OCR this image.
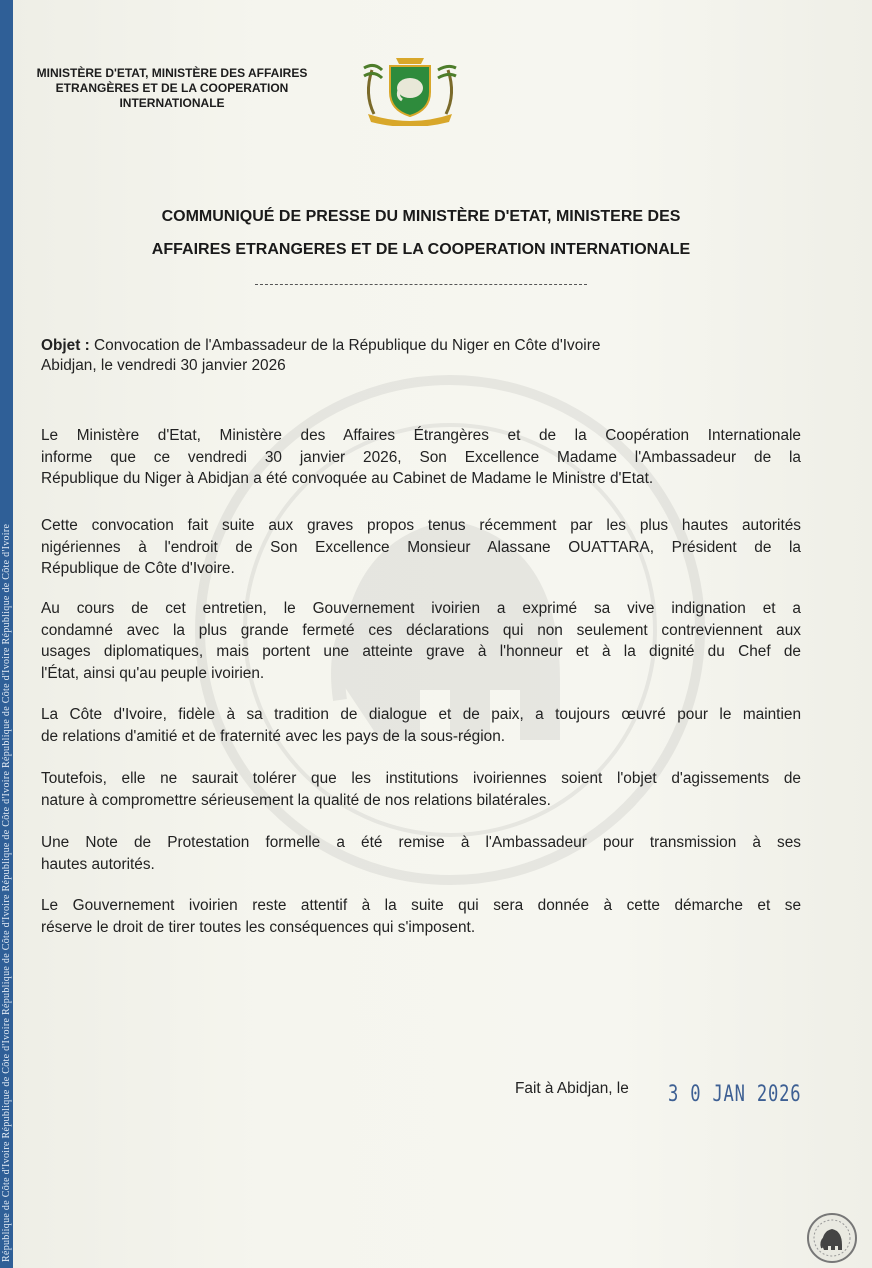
République de Côte d'Ivoire République de Côte d'Ivoire République de Côte d'Ivoire République de Côte d'Ivoire République de Côte d'Ivoire République de Côte d'Ivoire
MINISTÈRE D'ETAT, MINISTÈRE DES AFFAIRES
ETRANGÈRES ET DE LA COOPERATION
INTERNATIONALE
COMMUNIQUÉ DE PRESSE DU MINISTÈRE D'ETAT, MINISTERE DES
AFFAIRES ETRANGERES ET DE LA COOPERATION INTERNATIONALE
Objet : Convocation de l'Ambassadeur de la République du Niger en Côte d'Ivoire
Abidjan, le vendredi 30 janvier 2026
Le Ministère d'Etat, Ministère des Affaires Étrangères et de la Coopération Internationale
informe que ce vendredi 30 janvier 2026, Son Excellence Madame l'Ambassadeur de la
République du Niger à Abidjan a été convoquée au Cabinet de Madame le Ministre d'Etat.
Cette convocation fait suite aux graves propos tenus récemment par les plus hautes autorités
nigériennes à l'endroit de Son Excellence Monsieur Alassane OUATTARA, Président de la
République de Côte d'Ivoire.
Au cours de cet entretien, le Gouvernement ivoirien a exprimé sa vive indignation et a
condamné avec la plus grande fermeté ces déclarations qui non seulement contreviennent aux
usages diplomatiques, mais portent une atteinte grave à l'honneur et à la dignité du Chef de
l'État, ainsi qu'au peuple ivoirien.
La Côte d'Ivoire, fidèle à sa tradition de dialogue et de paix, a toujours œuvré pour le maintien
de relations d'amitié et de fraternité avec les pays de la sous-région.
Toutefois, elle ne saurait tolérer que les institutions ivoiriennes soient l'objet d'agissements de
nature à compromettre sérieusement la qualité de nos relations bilatérales.
Une Note de Protestation formelle a été remise à l'Ambassadeur pour transmission à ses
hautes autorités.
Le Gouvernement ivoirien reste attentif à la suite qui sera donnée à cette démarche et se
réserve le droit de tirer toutes les conséquences qui s'imposent.
Fait à Abidjan, le 3 0 JAN 2026
